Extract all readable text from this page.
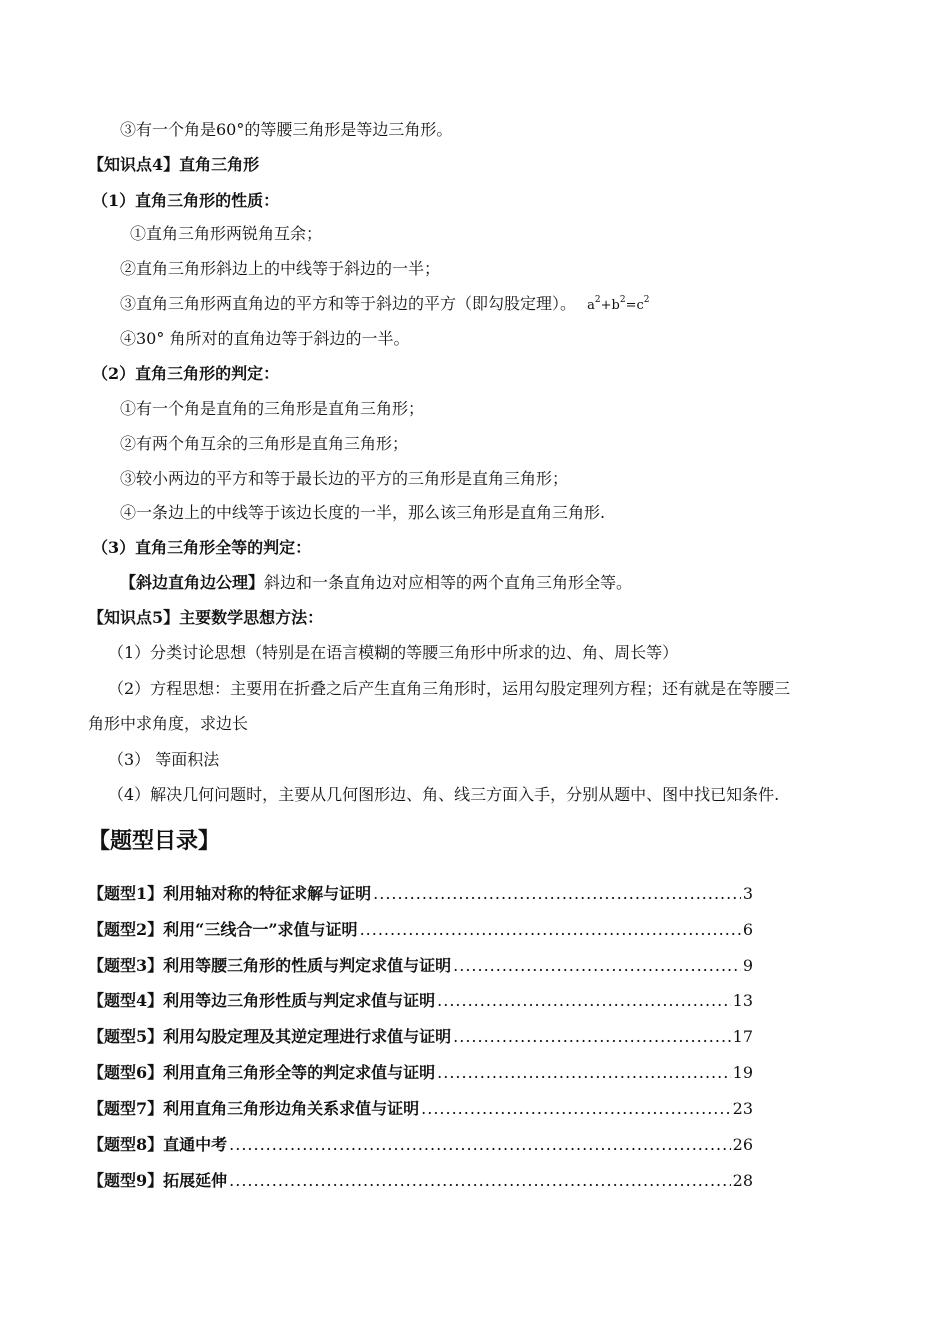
③有一个角是60°的等腰三角形是等边三角形。
【知识点4】直角三角形
（1）直角三角形的性质：
①直角三角形两锐角互余；
②直角三角形斜边上的中线等于斜边的一半；
③直角三角形两直角边的平方和等于斜边的平方（即勾股定理）。 $a^2+b^2=c^2$
④30° 角所对的直角边等于斜边的一半。
（2）直角三角形的判定：
①有一个角是直角的三角形是直角三角形；
②有两个角互余的三角形是直角三角形；
③较小两边的平方和等于最长边的平方的三角形是直角三角形；
④一条边上的中线等于该边长度的一半，那么该三角形是直角三角形.
（3）直角三角形全等的判定：
【斜边直角边公理】斜边和一条直角边对应相等的两个直角三角形全等。
【知识点5】主要数学思想方法：
（1）分类讨论思想（特别是在语言模糊的等腰三角形中所求的边、角、周长等）
（2）方程思想：主要用在折叠之后产生直角三角形时，运用勾股定理列方程；还有就是在等腰三
角形中求角度，求边长
（3） 等面积法
（4）解决几何问题时，主要从几何图形边、角、线三方面入手，分别从题中、图中找已知条件.
【题型目录】
【题型1】 利用轴对称的特征求解与证明 .....	3
【题型2】 利用“三线合一”求值与证明 .....	6
【题型3】 利用等腰三角形的性质与判定求值与证明 .....	9
【题型4】 利用等边三角形性质与判定求值与证明 .....	13
【题型5】 利用勾股定理及其逆定理进行求值与证明 .....	17
【题型6】 利用直角三角形全等的判定求值与证明 .....	19
【题型7】 利用直角三角形边角关系求值与证明 .....	23
【题型8】 直通中考 .....	26
【题型9】 拓展延伸 .....	28
